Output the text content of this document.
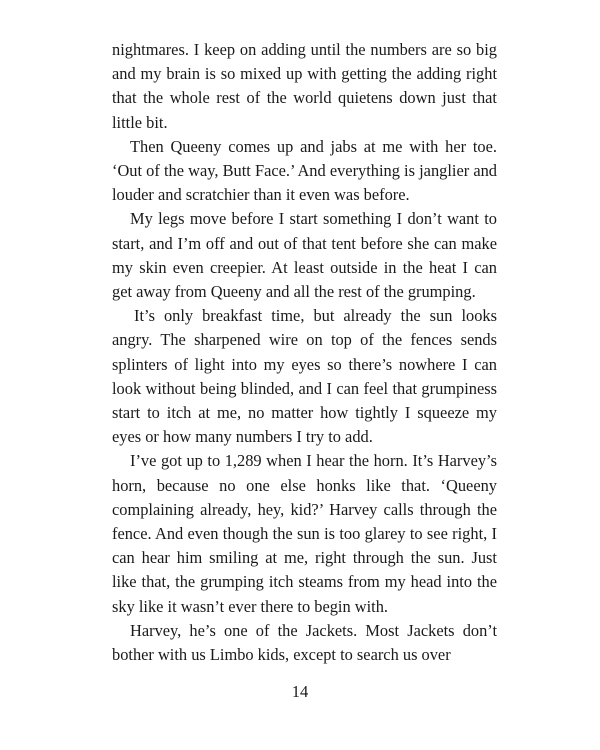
nightmares. I keep on adding until the numbers are so big and my brain is so mixed up with getting the adding right that the whole rest of the world quietens down just that little bit.

Then Queeny comes up and jabs at me with her toe. ‘Out of the way, Butt Face.’ And everything is janglier and louder and scratchier than it even was before.

My legs move before I start something I don’t want to start, and I’m off and out of that tent before she can make my skin even creepier. At least outside in the heat I can get away from Queeny and all the rest of the grumping.

It’s only breakfast time, but already the sun looks angry. The sharpened wire on top of the fences sends splinters of light into my eyes so there’s nowhere I can look without being blinded, and I can feel that grumpiness start to itch at me, no matter how tightly I squeeze my eyes or how many numbers I try to add.

I’ve got up to 1,289 when I hear the horn. It’s Harvey’s horn, because no one else honks like that. ‘Queeny complaining already, hey, kid?’ Harvey calls through the fence. And even though the sun is too glarey to see right, I can hear him smiling at me, right through the sun. Just like that, the grumping itch steams from my head into the sky like it wasn’t ever there to begin with.

Harvey, he’s one of the Jackets. Most Jackets don’t bother with us Limbo kids, except to search us over

14
